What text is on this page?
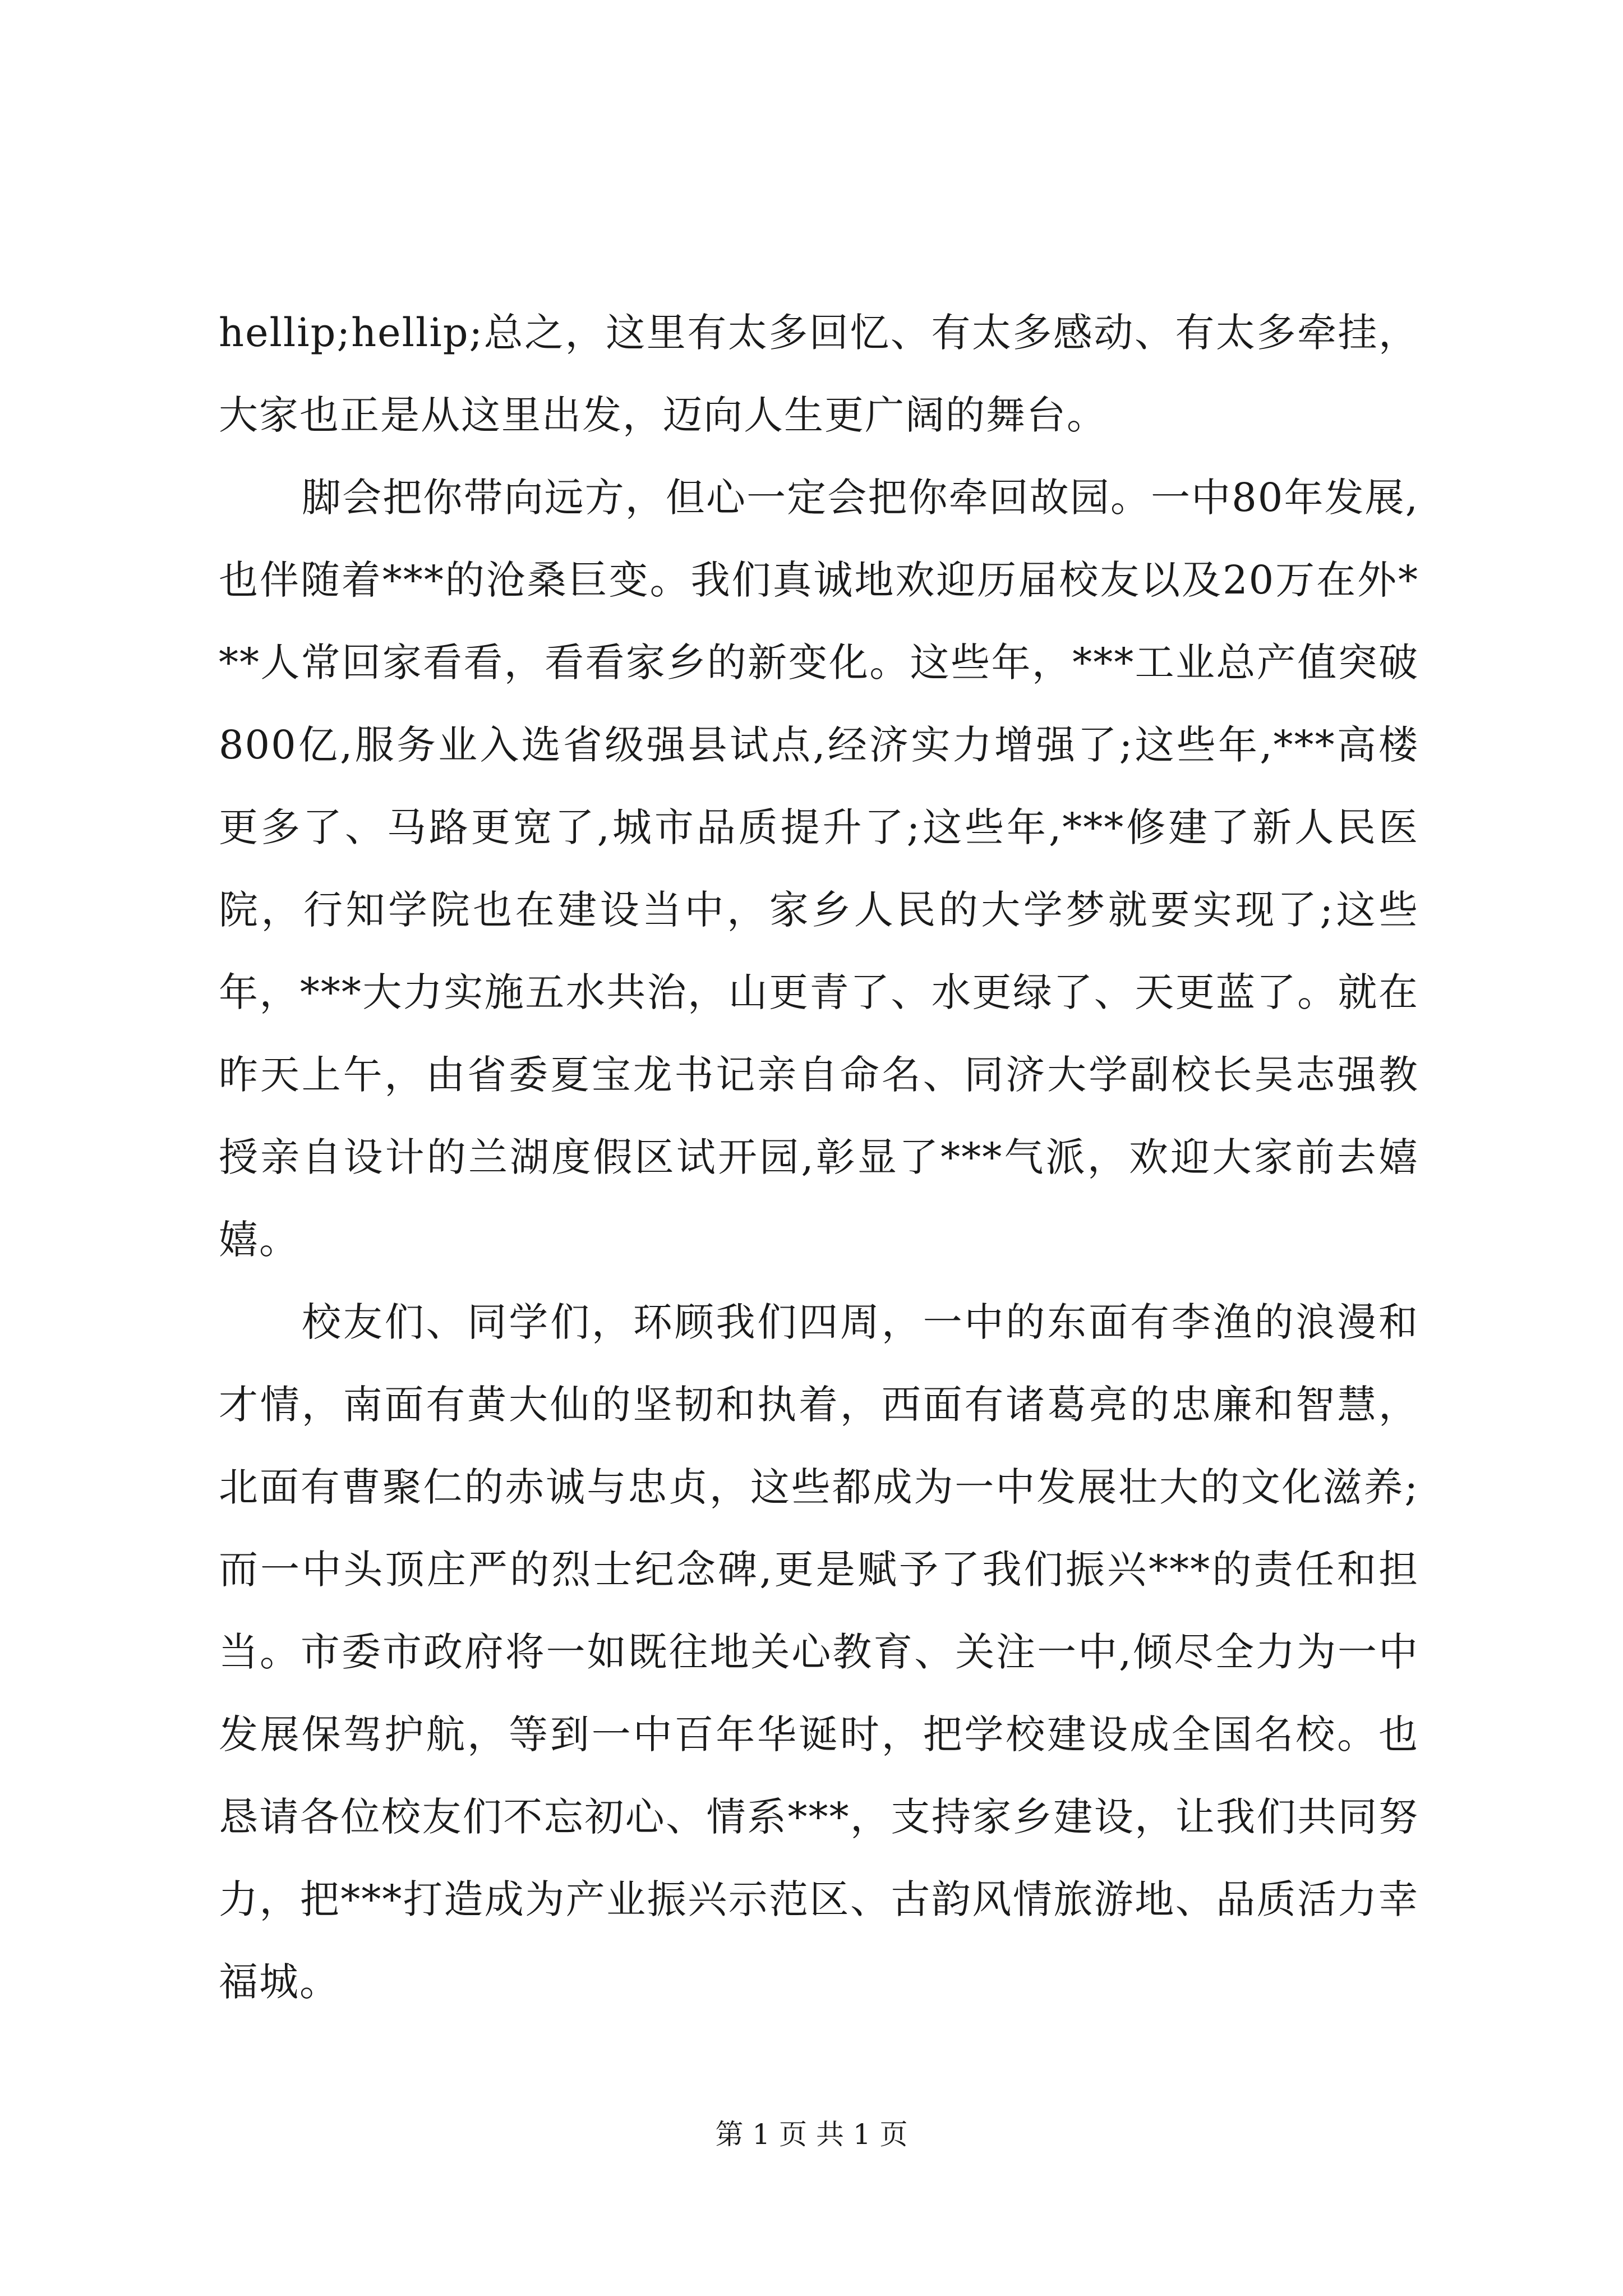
hellip;hellip;总之，这里有太多回忆、有太多感动、有太多牵挂，大家也正是从这里出发，迈向人生更广阔的舞台。

脚会把你带向远方，但心一定会把你牵回故园。一中80年发展,也伴随着***的沧桑巨变。我们真诚地欢迎历届校友以及20万在外***人常回家看看，看看家乡的新变化。这些年，***工业总产值突破800亿,服务业入选省级强县试点,经济实力增强了;这些年,***高楼更多了、马路更宽了,城市品质提升了;这些年,***修建了新人民医院，行知学院也在建设当中，家乡人民的大学梦就要实现了;这些年，***大力实施五水共治，山更青了、水更绿了、天更蓝了。就在昨天上午，由省委夏宝龙书记亲自命名、同济大学副校长吴志强教授亲自设计的兰湖度假区试开园,彰显了***气派，欢迎大家前去嬉嬉。

校友们、同学们，环顾我们四周，一中的东面有李渔的浪漫和才情，南面有黄大仙的坚韧和执着，西面有诸葛亮的忠廉和智慧，北面有曹聚仁的赤诚与忠贞，这些都成为一中发展壮大的文化滋养;而一中头顶庄严的烈士纪念碑,更是赋予了我们振兴***的责任和担当。市委市政府将一如既往地关心教育、关注一中,倾尽全力为一中发展保驾护航，等到一中百年华诞时，把学校建设成全国名校。也恳请各位校友们不忘初心、情系***，支持家乡建设，让我们共同努力，把***打造成为产业振兴示范区、古韵风情旅游地、品质活力幸福城。

第 1 页 共 1 页
